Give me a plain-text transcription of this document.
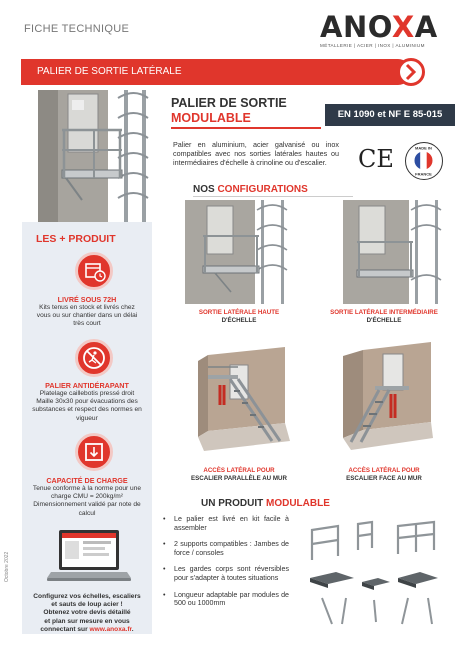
FICHE TECHNIQUE	ANOXA
MÉTALLERIE | ACIER | INOX | ALUMINIUM
PALIER DE SORTIE LATÉRALE
PALIER DE SORTIE
MODULABLE	EN 1090 et NF E 85-015
Palier en aluminium, acier galvanisé ou inox compatibles avec nos sorties latérales hautes ou intermédiaires d'échelle à crinoline ou d'escalier.	CE	MADE IN
FRANCE
NOS CONFIGURATIONS
SORTIE LATÉRALE HAUTE
D'ÉCHELLE
SORTIE LATÉRALE INTERMÉDIAIRE
D'ÉCHELLE
ACCÈS LATÉRAL POUR
ESCALIER PARALLÈLE AU MUR
ACCÈS LATÉRAL POUR
ESCALIER FACE AU MUR
LES + PRODUIT
LIVRÉ SOUS 72H
Kits tenus en stock et livrés chez vous ou sur chantier dans un délai très court
PALIER ANTIDÉRAPANT
Platelage caillebotis pressé droit Maille 30x30 pour évacuations des substances et respect des normes en vigueur
CAPACITÉ DE CHARGE
Tenue conforme à la norme pour une charge CMU = 200kg/m² Dimensionnement validé par note de calcul
Configurez vos échelles, escaliers
et sauts de loup acier !
Obtenez votre devis détaillé
et plan sur mesure en vous
connectant sur www.anoxa.fr.
Octobre 2022
UN PRODUIT MODULABLE
• Le palier est livré en kit facile à assembler
• 2 supports compatibles : Jambes de force / consoles
• Les gardes corps sont réversibles pour s'adapter à toutes situations
• Longueur adaptable par modules de 500 ou 1000mm
